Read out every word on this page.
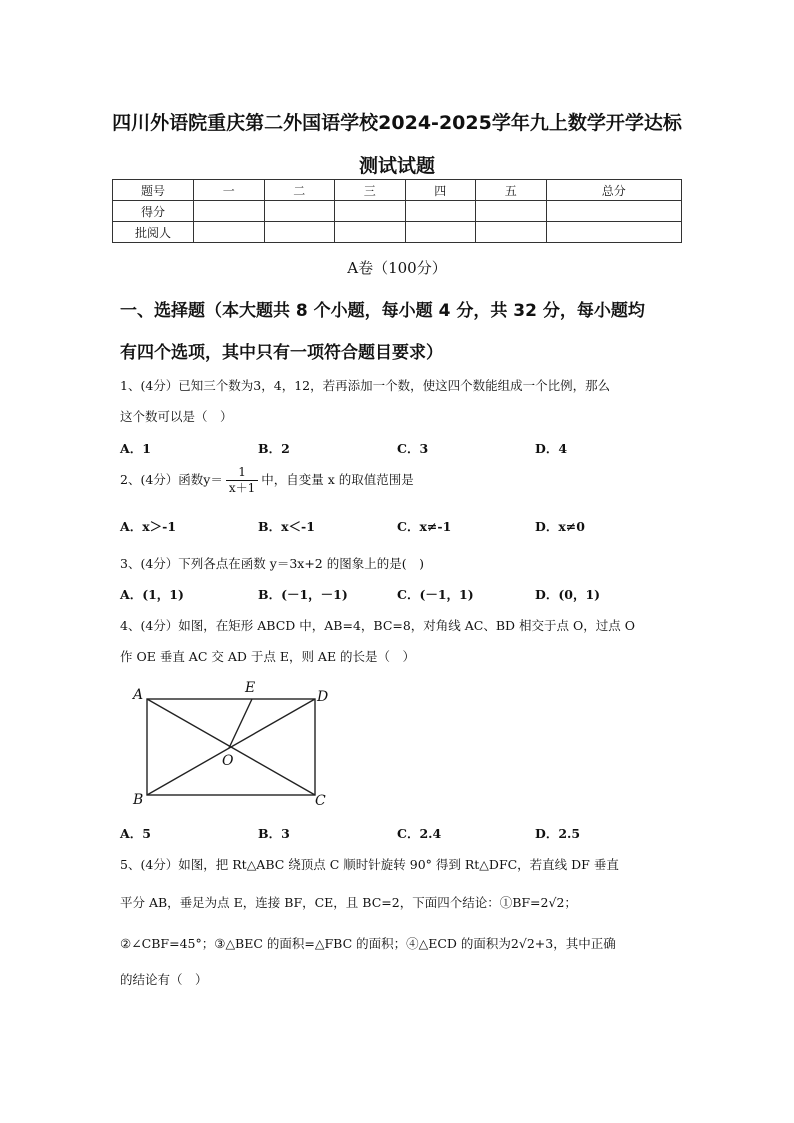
四川外语院重庆第二外国语学校2024-2025学年九上数学开学达标
测试试题
题号	一	二	三	四	五	总分
得分						
批阅人						
A卷（100分）
一、选择题（本大题共 8 个小题，每小题 4 分，共 32 分，每小题均
有四个选项，其中只有一项符合题目要求）
1、(4分）已知三个数为3，4，12，若再添加一个数，使这四个数能组成一个比例，那么
这个数可以是（　）
A．1	B．2	C．3	D．4
2、(4分）函数$y= \frac{1}{x+1}$ 中，自变量 x 的取值范围是
A．x＞-1	B．x＜-1	C．x≠-1	D．x≠0
3、(4分）下列各点在函数 y＝3x+2 的图象上的是(　)
A．(1，1)	B．(－1，－1)	C．(－1，1)	D．(0，1)
4、(4分）如图，在矩形 ABCD 中，AB=4，BC=8，对角线 AC、BD 相交于点 O，过点 O
作 OE 垂直 AC 交 AD 于点 E，则 AE 的长是（　）
A	E
D
O
B	C
A．5	B．3	C．2.4	D．2.5
5、(4分）如图，把 Rt△ABC 绕顶点 C 顺时针旋转 90° 得到 Rt△DFC，若直线 DF 垂直
平分 AB，垂足为点 E，连接 BF，CE，且 BC=2，下面四个结论：①BF=2√2；
②∠CBF=45°；③△BEC 的面积=△FBC 的面积；④△ECD 的面积为2√2+3，其中正确
的结论有（　）
